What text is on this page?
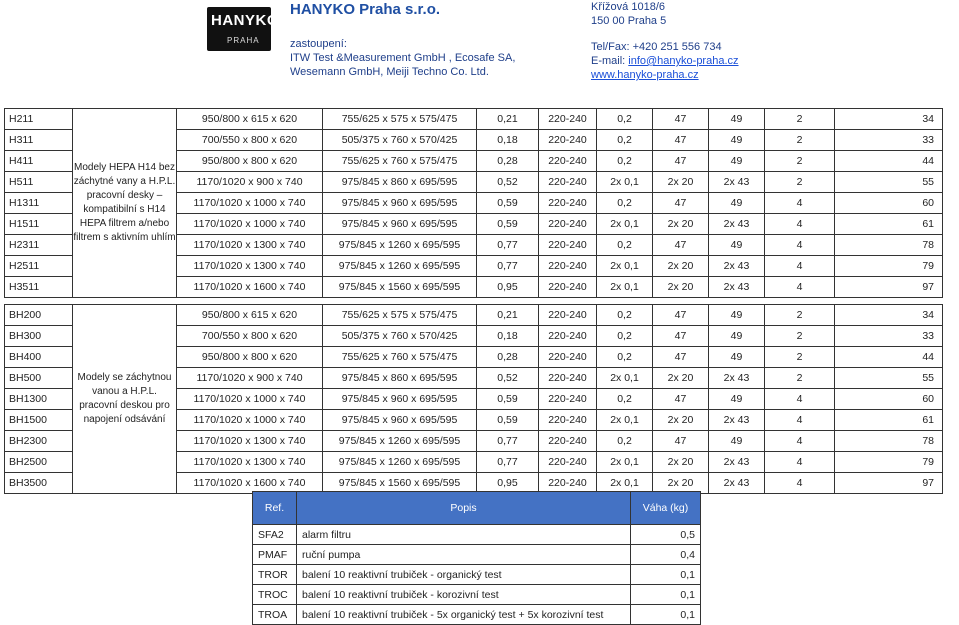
HANYKO
PRAHA
HANYKO Praha s.r.o.
zastoupení:
ITW Test &Measurement GmbH , Ecosafe SA,
Wesemann GmbH, Meiji Techno Co. Ltd.
Křížová 1018/6
150 00 Praha 5
Tel/Fax: +420 251 556 734
E-mail: info@hanyko-praha.cz
www.hanyko-praha.cz
H211	Modely HEPA H14 bez záchytné vany a H.P.L. pracovní desky – kompatibilní s H14 HEPA filtrem a/nebo filtrem s aktivním uhlím	950/800 x 615 x 620	755/625 x 575 x 575/475	0,21	220-240	0,2	47	49	2	34
H311		700/550 x 800 x 620	505/375 x 760 x 570/425	0,18	220-240	0,2	47	49	2	33
H411		950/800 x 800 x 620	755/625 x 760 x 575/475	0,28	220-240	0,2	47	49	2	44
H511		1170/1020 x 900 x 740	975/845 x 860 x 695/595	0,52	220-240	2x 0,1	2x 20	2x 43	2	55
H1311		1170/1020 x 1000 x 740	975/845 x 960 x 695/595	0,59	220-240	0,2	47	49	4	60
H1511		1170/1020 x 1000 x 740	975/845 x 960 x 695/595	0,59	220-240	2x 0,1	2x 20	2x 43	4	61
H2311		1170/1020 x 1300 x 740	975/845 x 1260 x 695/595	0,77	220-240	0,2	47	49	4	78
H2511		1170/1020 x 1300 x 740	975/845 x 1260 x 695/595	0,77	220-240	2x 0,1	2x 20	2x 43	4	79
H3511		1170/1020 x 1600 x 740	975/845 x 1560 x 695/595	0,95	220-240	2x 0,1	2x 20	2x 43	4	97

BH200	Modely se záchytnou vanou a H.P.L. pracovní deskou pro napojení odsávání	950/800 x 615 x 620	755/625 x 575 x 575/475	0,21	220-240	0,2	47	49	2	34
BH300		700/550 x 800 x 620	505/375 x 760 x 570/425	0,18	220-240	0,2	47	49	2	33
BH400		950/800 x 800 x 620	755/625 x 760 x 575/475	0,28	220-240	0,2	47	49	2	44
BH500		1170/1020 x 900 x 740	975/845 x 860 x 695/595	0,52	220-240	2x 0,1	2x 20	2x 43	2	55
BH1300		1170/1020 x 1000 x 740	975/845 x 960 x 695/595	0,59	220-240	0,2	47	49	4	60
BH1500		1170/1020 x 1000 x 740	975/845 x 960 x 695/595	0,59	220-240	2x 0,1	2x 20	2x 43	4	61
BH2300		1170/1020 x 1300 x 740	975/845 x 1260 x 695/595	0,77	220-240	0,2	47	49	4	78
BH2500		1170/1020 x 1300 x 740	975/845 x 1260 x 695/595	0,77	220-240	2x 0,1	2x 20	2x 43	4	79
BH3500		1170/1020 x 1600 x 740	975/845 x 1560 x 695/595	0,95	220-240	2x 0,1	2x 20	2x 43	4	97
Ref.	Popis	Váha (kg)
SFA2	alarm filtru	0,5
PMAF	ruční pumpa	0,4
TROR	balení 10 reaktivní trubiček - organický test	0,1
TROC	balení 10 reaktivní trubiček - korozivní test	0,1
TROA	balení 10 reaktivní trubiček - 5x organický test + 5x korozivní test	0,1
